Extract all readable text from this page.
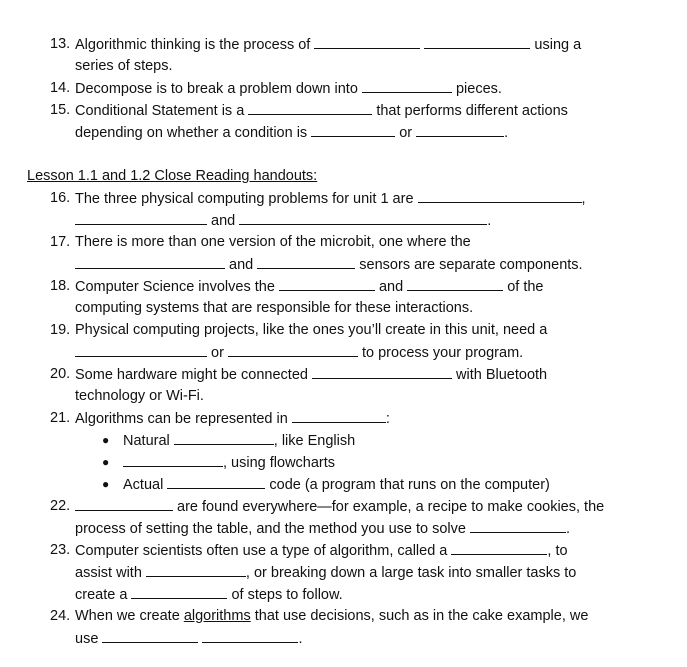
13. Algorithmic thinking is the process of	using a
series of steps.
14. Decompose is to break a problem down into	pieces.
15. Conditional Statement is a	that performs different actions
depending on whether a condition is	or	.
Lesson 1.1 and 1.2 Close Reading handouts:
16. The three physical computing problems for unit 1 are	,
and	.
17. There is more than one version of the microbit, one where the
and	sensors are separate components.
18. Computer Science involves the	and	of the
computing systems that are responsible for these interactions.
19. Physical computing projects, like the ones you’ll create in this unit, need a
or	to process your program.
20. Some hardware might be connected	with Bluetooth
technology or Wi-Fi.
21. Algorithms can be represented in	:
● Natural	, like English
●	, using flowcharts
● Actual	code (a program that runs on the computer)
22.	are found everywhere—for example, a recipe to make cookies, the
process of setting the table, and the method you use to solve	.
23. Computer scientists often use a type of algorithm, called a	, to
assist with	, or breaking down a large task into smaller tasks to
create a	of steps to follow.
24. When we create algorithms that use decisions, such as in the cake example, we
use	.
